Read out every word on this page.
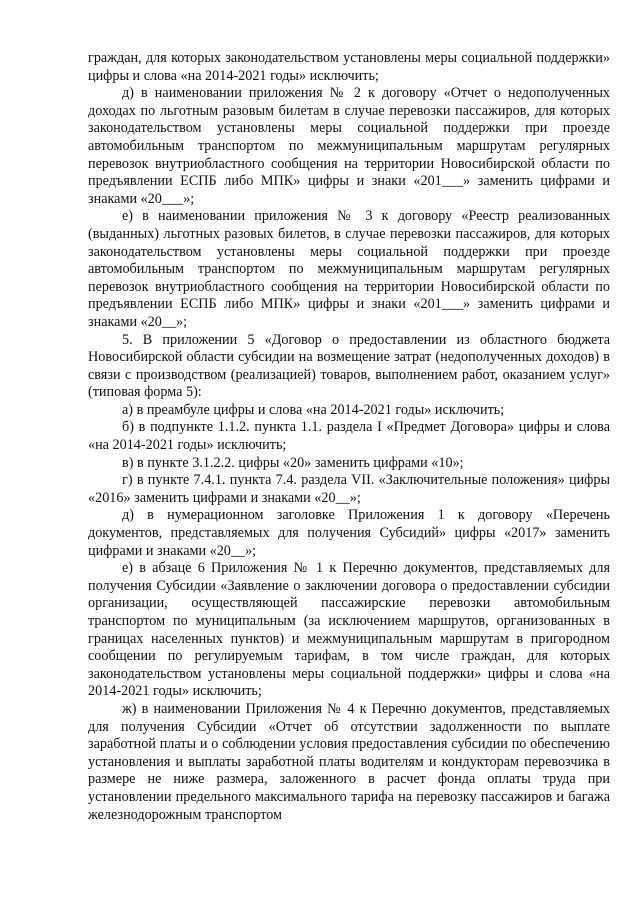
граждан, для которых законодательством установлены меры социальной поддержки» цифры и слова «на 2014-2021 годы» исключить;

д) в наименовании приложения № 2 к договору «Отчет о недополученных доходах по льготным разовым билетам в случае перевозки пассажиров, для которых законодательством установлены меры социальной поддержки при проезде автомобильным транспортом по межмуниципальным маршрутам регулярных перевозок внутриобластного сообщения на территории Новосибирской области по предъявлении ЕСПБ либо МПК» цифры и знаки «201___» заменить цифрами и знаками «20___»;

е) в наименовании приложения № 3 к договору «Реестр реализованных (выданных) льготных разовых билетов, в случае перевозки пассажиров, для которых законодательством установлены меры социальной поддержки при проезде автомобильным транспортом по межмуниципальным маршрутам регулярных перевозок внутриобластного сообщения на территории Новосибирской области по предъявлении ЕСПБ либо МПК» цифры и знаки «201___» заменить цифрами и знаками «20__»;

5. В приложении 5 «Договор о предоставлении из областного бюджета Новосибирской области субсидии на возмещение затрат (недополученных доходов) в связи с производством (реализацией) товаров, выполнением работ, оказанием услуг» (типовая форма 5):

а) в преамбуле цифры и слова «на 2014-2021 годы» исключить;

б) в подпункте 1.1.2. пункта 1.1. раздела I «Предмет Договора» цифры и слова «на 2014-2021 годы» исключить;

в) в пункте 3.1.2.2. цифры «20» заменить цифрами «10»;

г) в пункте 7.4.1. пункта 7.4. раздела VII. «Заключительные положения» цифры «2016» заменить цифрами и знаками «20__»;

д) в нумерационном заголовке Приложения 1 к договору «Перечень документов, представляемых для получения Субсидий» цифры «2017» заменить цифрами и знаками «20__»;

е) в абзаце 6 Приложения № 1 к Перечню документов, представляемых для получения Субсидии «Заявление о заключении договора о предоставлении субсидии организации, осуществляющей пассажирские перевозки автомобильным транспортом по муниципальным (за исключением маршрутов, организованных в границах населенных пунктов) и межмуниципальным маршрутам в пригородном сообщении по регулируемым тарифам, в том числе граждан, для которых законодательством установлены меры социальной поддержки» цифры и слова «на 2014-2021 годы» исключить;

ж) в наименовании Приложения № 4 к Перечню документов, представляемых для получения Субсидии «Отчет об отсутствии задолженности по выплате заработной платы и о соблюдении условия предоставления субсидии по обеспечению установления и выплаты заработной платы водителям и кондукторам перевозчика в размере не ниже размера, заложенного в расчет фонда оплаты труда при установлении предельного максимального тарифа на перевозку пассажиров и багажа железнодорожным транспортом
